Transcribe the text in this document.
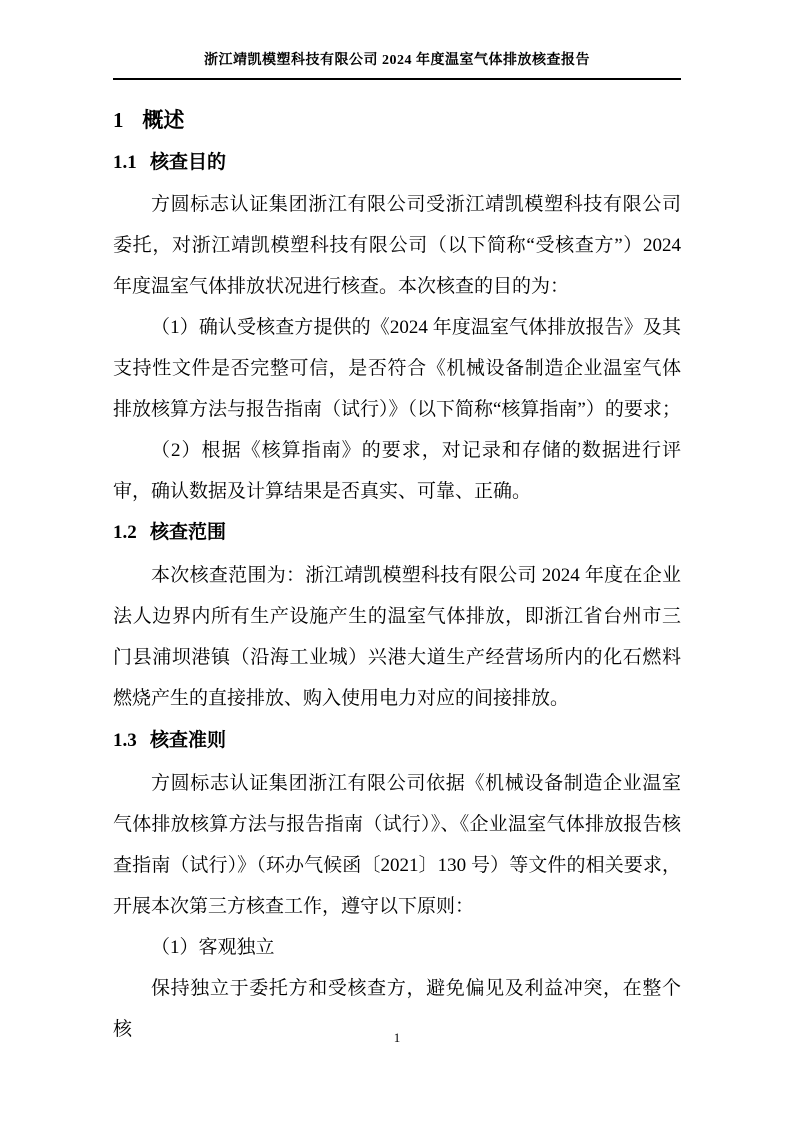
浙江靖凯模塑科技有限公司 2024 年度温室气体排放核查报告
1 概述
1.1 核查目的

方圆标志认证集团浙江有限公司受浙江靖凯模塑科技有限公司委托，对浙江靖凯模塑科技有限公司（以下简称“受核查方”）2024 年度温室气体排放状况进行核查。本次核查的目的为：

（1）确认受核查方提供的《2024 年度温室气体排放报告》及其支持性文件是否完整可信，是否符合《机械设备制造企业温室气体排放核算方法与报告指南（试行）》（以下简称“核算指南”）的要求；

（2）根据《核算指南》的要求，对记录和存储的数据进行评审，确认数据及计算结果是否真实、可靠、正确。

1.2 核查范围

本次核查范围为：浙江靖凯模塑科技有限公司 2024 年度在企业法人边界内所有生产设施产生的温室气体排放，即浙江省台州市三门县浦坝港镇（沿海工业城）兴港大道生产经营场所内的化石燃料燃烧产生的直接排放、购入使用电力对应的间接排放。

1.3 核查准则

方圆标志认证集团浙江有限公司依据《机械设备制造企业温室气体排放核算方法与报告指南（试行）》、《企业温室气体排放报告核查指南（试行）》（环办气候函〔2021〕130 号）等文件的相关要求，开展本次第三方核查工作，遵守以下原则：

（1）客观独立

保持独立于委托方和受核查方，避免偏见及利益冲突，在整个核	1
